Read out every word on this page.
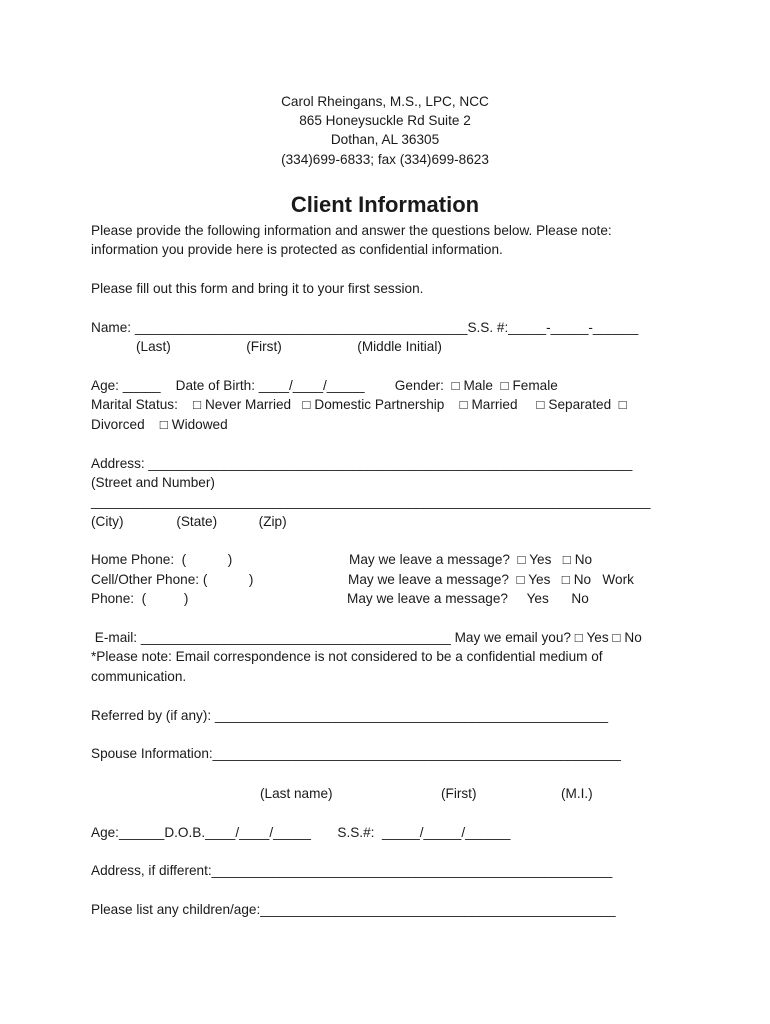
Carol Rheingans, M.S., LPC, NCC
865 Honeysuckle Rd Suite 2
Dothan, AL 36305
(334)699-6833; fax (334)699-8623
Client Information
Please provide the following information and answer the questions below. Please note:
information you provide here is protected as confidential information.
Please fill out this form and bring it to your first session.
Name: ____________________________________________S.S. #:_____-_____-______
(Last)                    (First)                    (Middle Initial)
Age: _____    Date of Birth: ____/____/_____        Gender:  □ Male  □ Female
Marital Status:    □ Never Married   □ Domestic Partnership    □ Married     □ Separated  □
Divorced    □ Widowed
Address: ________________________________________________________________
(Street and Number)
__________________________________________________________________________
(City)              (State)           (Zip)
Home Phone:  (           )	May we leave a message?  □ Yes   □ No
Cell/Other Phone: (           )	May we leave a message?  □ Yes   □ No   Work
Phone:  (          )	May we leave a message?     Yes      No
E-mail: _________________________________________ May we email you? □ Yes □ No
*Please note: Email correspondence is not considered to be a confidential medium of
communication.
Referred by (if any): ____________________________________________________
Spouse Information:______________________________________________________
(Last name)	(First)	(M.I.)
Age:______D.O.B.____/____/_____       S.S.#:  _____/_____/______
Address, if different:_____________________________________________________
Please list any children/age:_______________________________________________
